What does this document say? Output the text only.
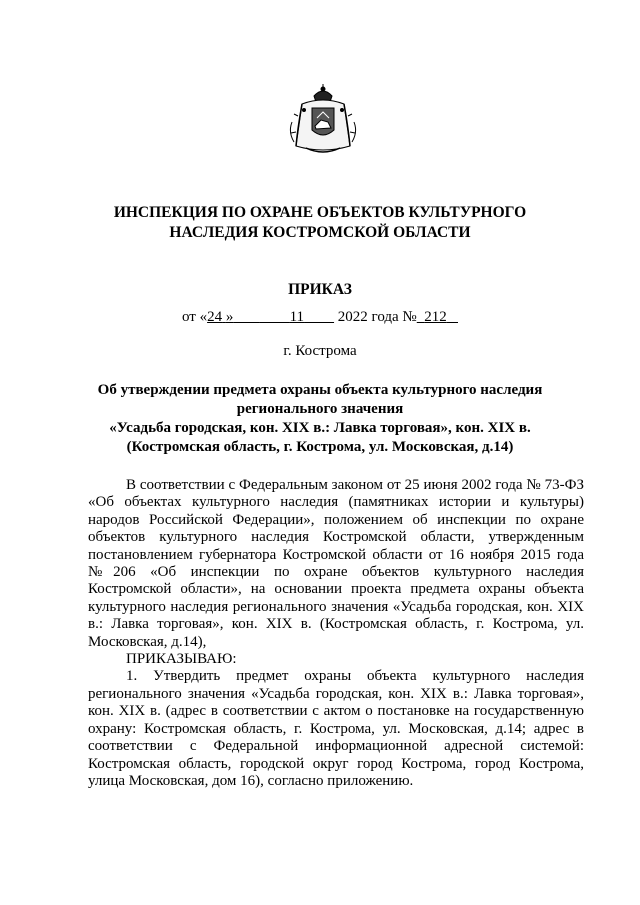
ИНСПЕКЦИЯ ПО ОХРАНЕ ОБЪЕКТОВ КУЛЬТУРНОГО
НАСЛЕДИЯ КОСТРОМСКОЙ ОБЛАСТИ
ПРИКАЗ
от «24 »	11 2022 года № 212
г. Кострома
Об утверждении предмета охраны объекта культурного наследия
регионального значения
«Усадьба городская, кон. XIX в.: Лавка торговая», кон. XIX в.
(Костромская область, г. Кострома, ул. Московская, д.14)

В соответствии с Федеральным законом от 25 июня 2002 года № 73-ФЗ «Об объектах культурного наследия (памятниках истории и культуры) народов Российской Федерации», положением об инспекции по охране объектов культурного наследия Костромской области, утвержденным постановлением губернатора Костромской области от 16 ноября 2015 года №206 «Об инспекции по охране объектов культурного наследия Костромской области», на основании проекта предмета охраны объекта культурного наследия регионального значения «Усадьба городская, кон. XIX в.: Лавка торговая», кон. XIX в. (Костромская область, г. Кострома, ул. Московская, д.14),

ПРИКАЗЫВАЮ:

1. Утвердить предмет охраны объекта культурного наследия регионального значения «Усадьба городская, кон. XIX в.: Лавка торговая», кон. XIX в. (адрес в соответствии с актом о постановке на государственную охрану: Костромская область, г. Кострома, ул. Московская, д.14; адрес в соответствии с Федеральной информационной адресной системой: Костромская область, городской округ город Кострома, город Кострома, улица Московская, дом 16), согласно приложению.
